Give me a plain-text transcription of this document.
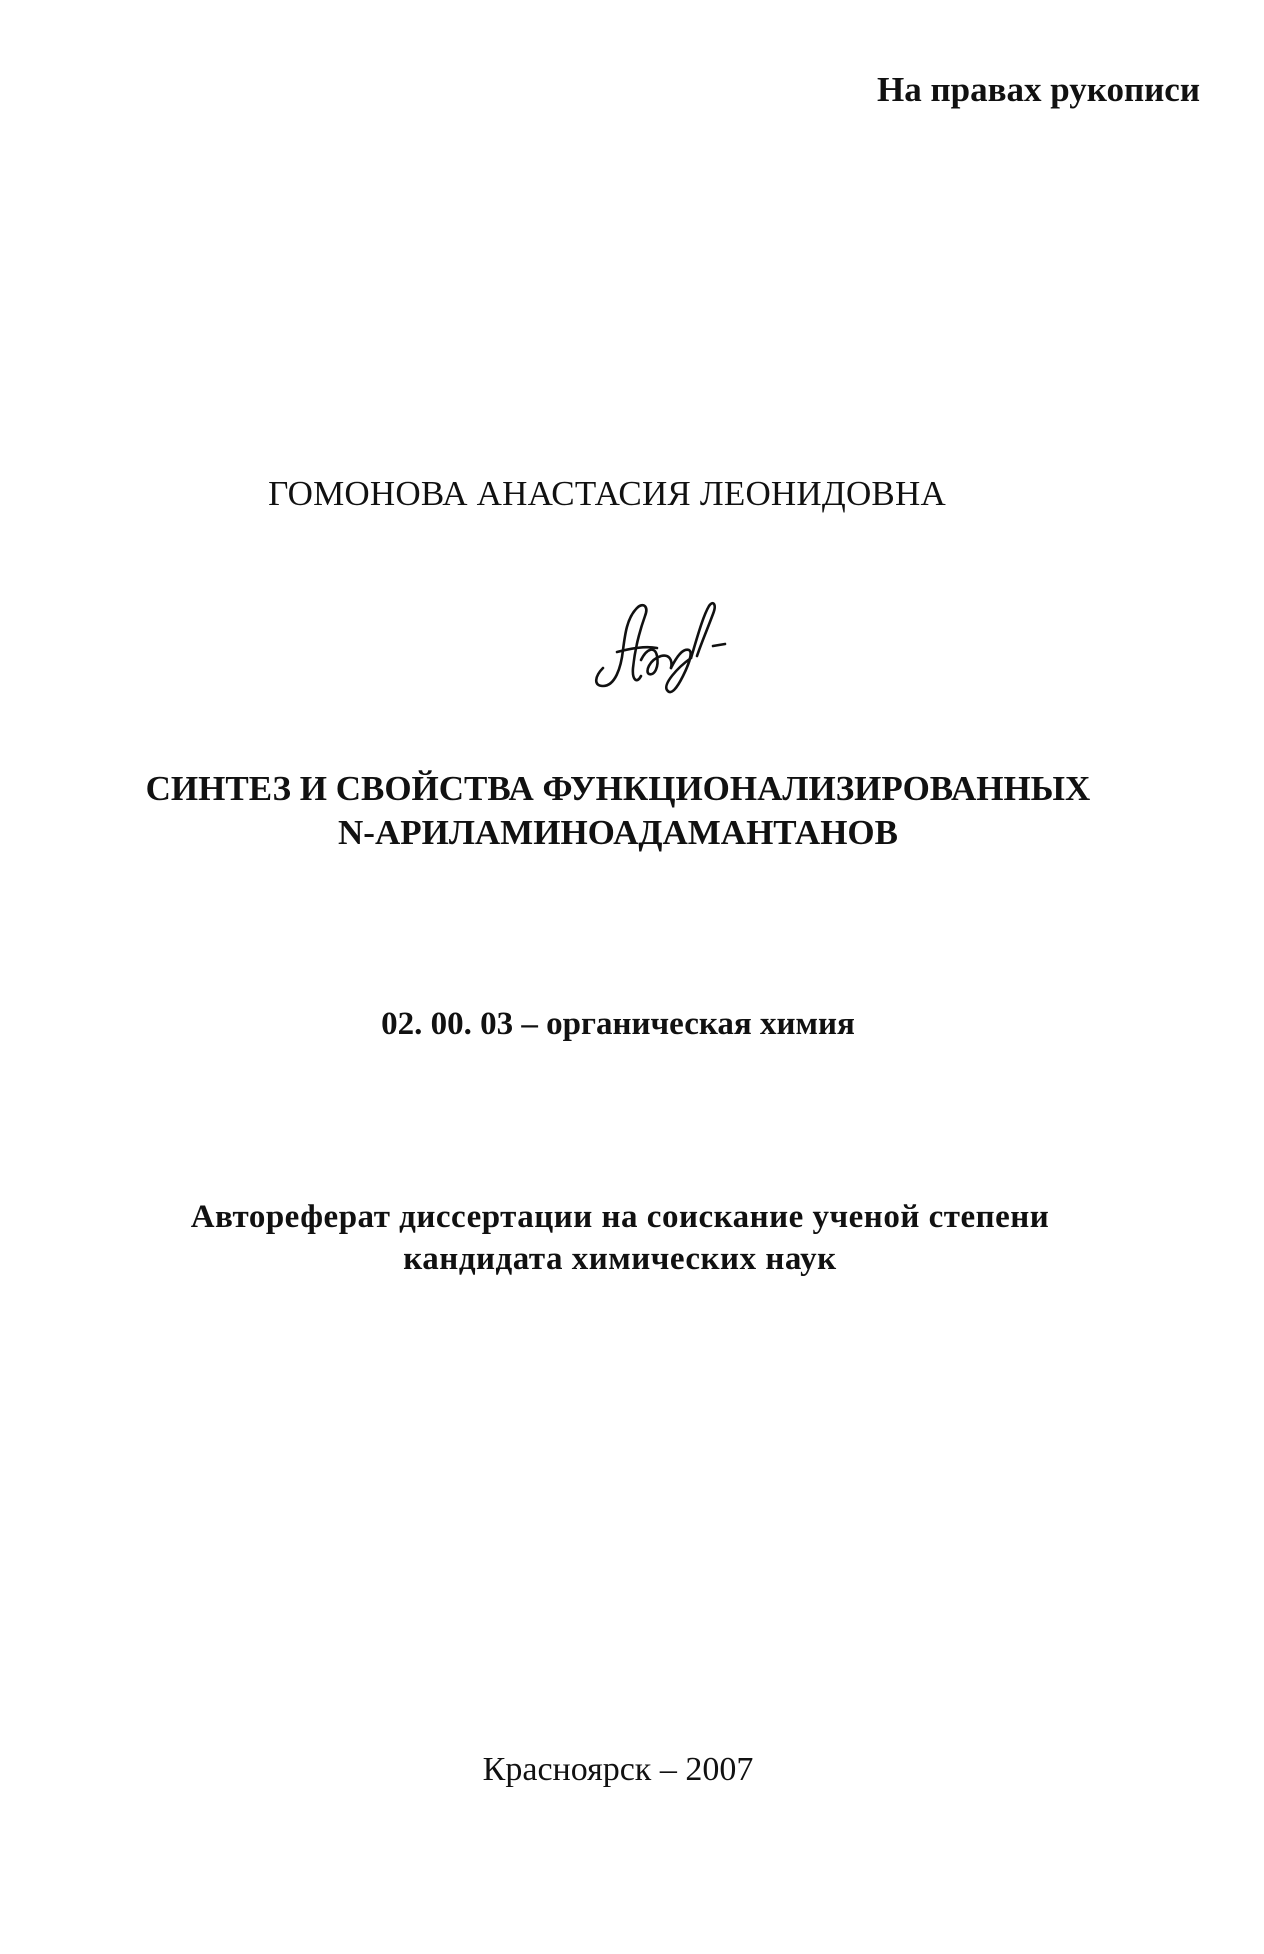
На правах рукописи
ГОМОНОВА АНАСТАСИЯ ЛЕОНИДОВНА
СИНТЕЗ И СВОЙСТВА ФУНКЦИОНАЛИЗИРОВАННЫХ
N-АРИЛАМИНОАДАМАНТАНОВ
02. 00. 03 – органическая химия
Автореферат диссертации на соискание ученой степени
кандидата химических наук
Красноярск – 2007
